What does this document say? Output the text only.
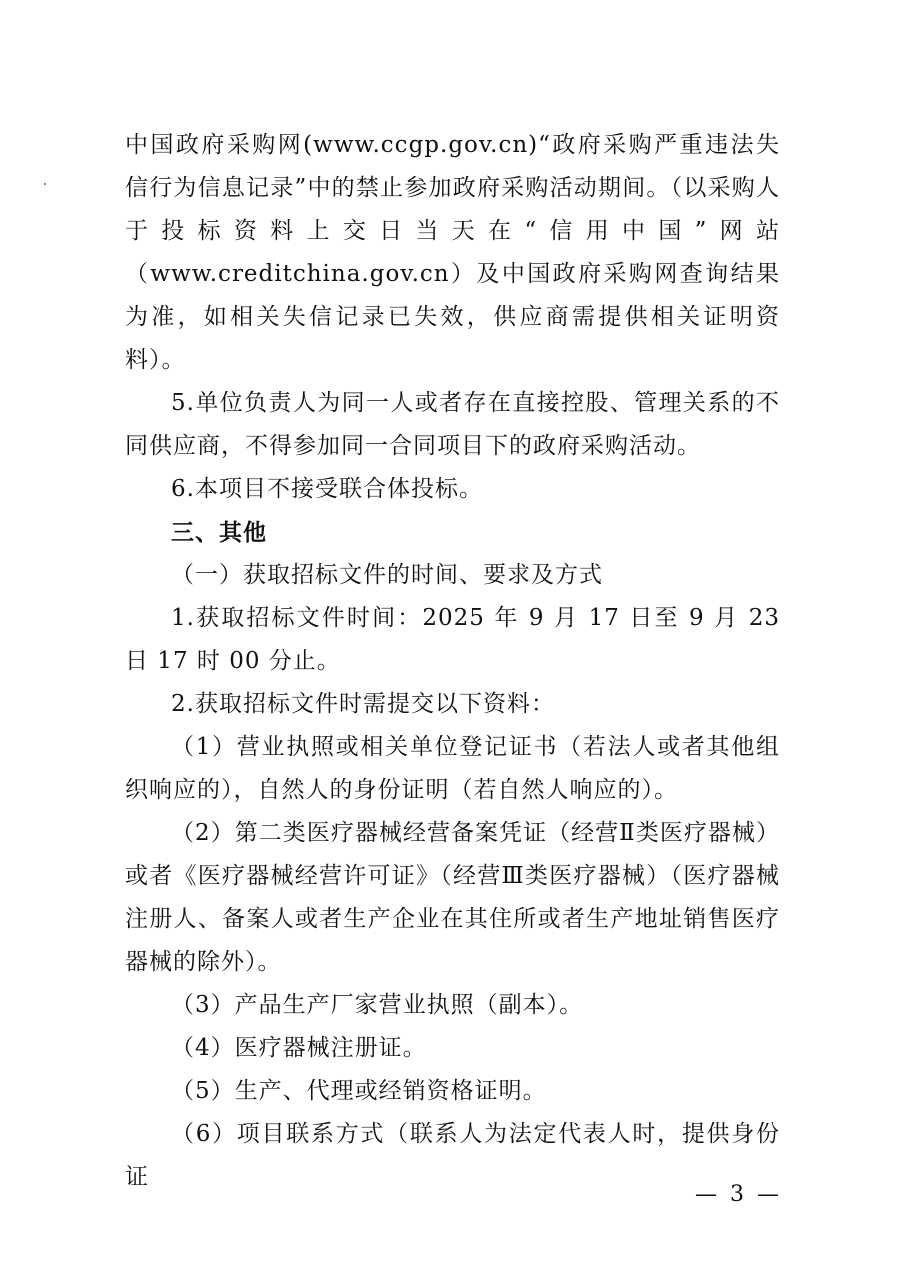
中国政府采购网(www.ccgp.gov.cn)“政府采购严重违法失信行为信息记录”中的禁止参加政府采购活动期间。（以采购人于投标资料上交日当天在“信用中国”网站（www.creditchina.gov.cn）及中国政府采购网查询结果为准，如相关失信记录已失效，供应商需提供相关证明资料）。

5.单位负责人为同一人或者存在直接控股、管理关系的不同供应商，不得参加同一合同项目下的政府采购活动。

6.本项目不接受联合体投标。

三、其他

（一）获取招标文件的时间、要求及方式

1.获取招标文件时间：2025 年 9 月 17 日至 9 月 23 日 17 时 00 分止。

2.获取招标文件时需提交以下资料：

（1）营业执照或相关单位登记证书（若法人或者其他组织响应的），自然人的身份证明（若自然人响应的）。

（2）第二类医疗器械经营备案凭证（经营Ⅱ类医疗器械）或者《医疗器械经营许可证》（经营Ⅲ类医疗器械）（医疗器械注册人、备案人或者生产企业在其住所或者生产地址销售医疗器械的除外）。

（3）产品生产厂家营业执照（副本）。

（4）医疗器械注册证。

（5）生产、代理或经销资格证明。

（6）项目联系方式（联系人为法定代表人时，提供身份证

— 3 —
